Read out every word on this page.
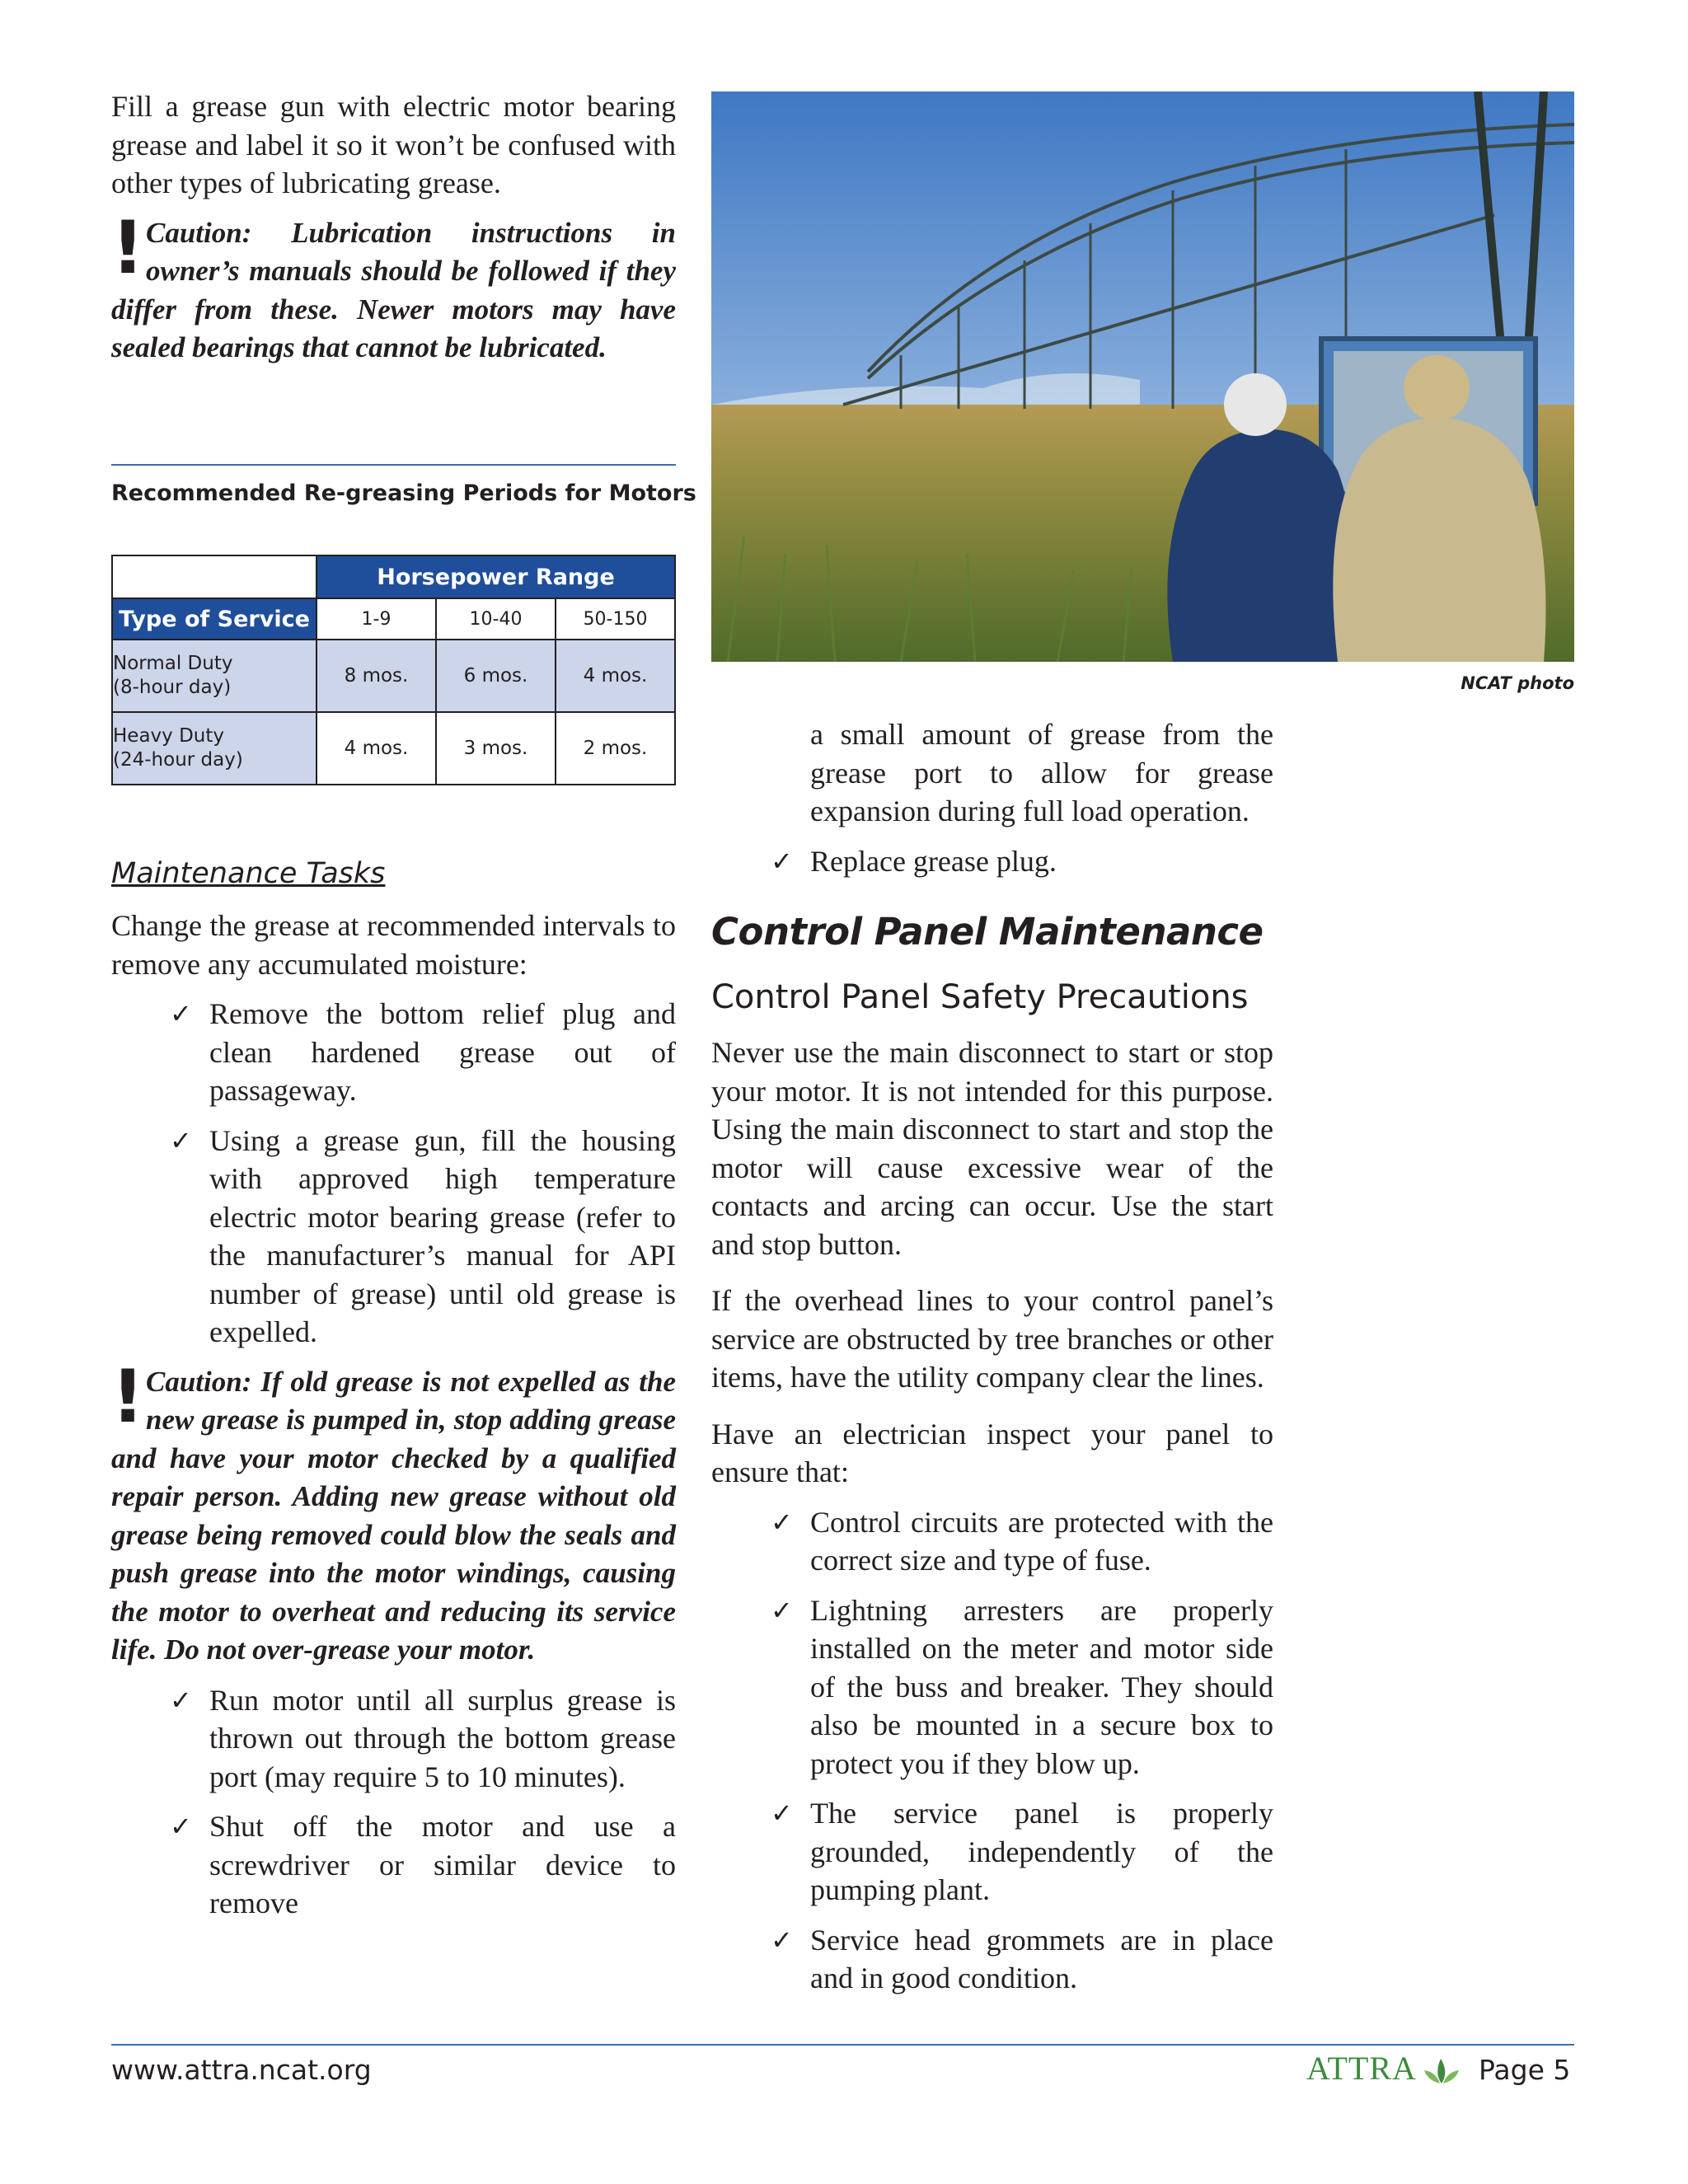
Fill a grease gun with electric motor bearing grease and label it so it won’t be confused with other types of lubricating grease.

! Caution: Lubrication instructions in owner’s manuals should be followed if they differ from these. Newer motors may have sealed bearings that cannot be lubricated.

Recommended Re-greasing Periods for Motors
	Horsepower Range		
Type of Service	1-9	10-40	50-150
Normal Duty
(8-hour day)	8 mos.	6 mos.	4 mos.
Heavy Duty
(24-hour day)	4 mos.	3 mos.	2 mos.
Maintenance Tasks

Change the grease at recommended intervals to remove any accumulated moisture:

✓ Remove the bottom relief plug and clean hardened grease out of passageway.

✓ Using a grease gun, fill the housing with approved high temperature electric motor bearing grease (refer to the manufacturer’s manual for API number of grease) until old grease is expelled.

! Caution: If old grease is not expelled as the new grease is pumped in, stop adding grease and have your motor checked by a qualified repair person. Adding new grease without old grease being removed could blow the seals and push grease into the motor windings, causing the motor to overheat and reducing its service life. Do not over-grease your motor.

✓ Run motor until all surplus grease is thrown out through the bottom grease port (may require 5 to 10 minutes).

✓ Shut off the motor and use a screwdriver or similar device to remove

NCAT photo

a small amount of grease from the grease port to allow for grease expansion during full load operation.

✓ Replace grease plug.

Control Panel Maintenance
Control Panel Safety Precautions

Never use the main disconnect to start or stop your motor. It is not intended for this purpose. Using the main disconnect to start and stop the motor will cause excessive wear of the contacts and arcing can occur. Use the start and stop button.

If the overhead lines to your control panel’s service are obstructed by tree branches or other items, have the utility company clear the lines.

Have an electrician inspect your panel to ensure that:

✓ Control circuits are protected with the correct size and type of fuse.

✓ Lightning arresters are properly installed on the meter and motor side of the buss and breaker. They should also be mounted in a secure box to protect you if they blow up.

✓ The service panel is properly grounded, independently of the pumping plant.

✓ Service head grommets are in place and in good condition.

www.attra.ncat.org	ATTRA Page 5
